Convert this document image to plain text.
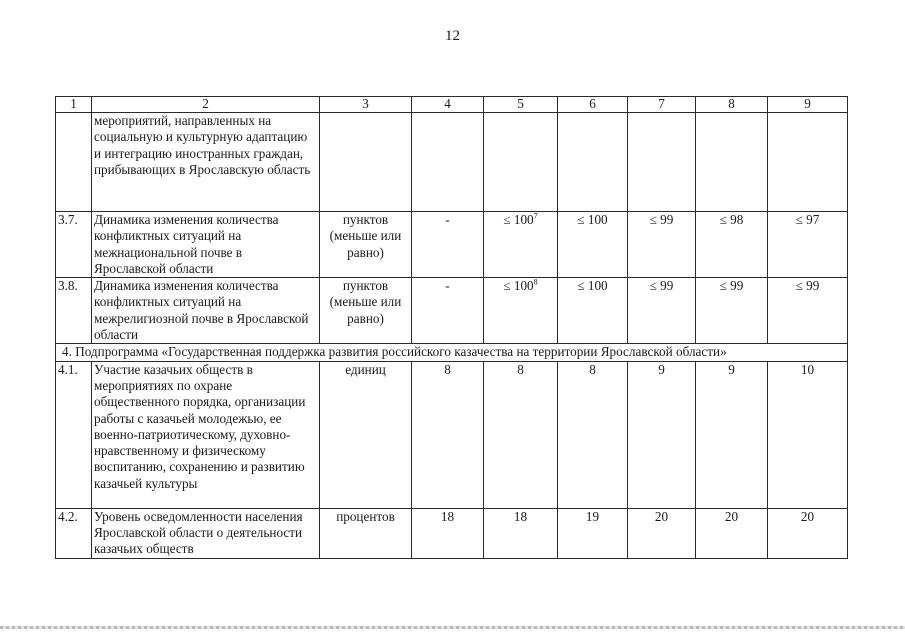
12
1	2	3	4	5	6	7	8	9
	мероприятий, направленных на социальную и культурную адаптацию и интеграцию иностранных граждан, прибывающих в Ярославскую область							
3.7.	Динамика изменения количества конфликтных ситуаций на межнациональной почве в Ярославской области	пунктов (меньше или равно)	-	≤ $100^7$	≤ 100	≤ 99	≤ 98	≤ 97
3.8.	Динамика изменения количества конфликтных ситуаций на межрелигиозной почве в Ярославской области	пунктов (меньше или равно)	-	≤ $100^8$	≤ 100	≤ 99	≤ 99	≤ 99
4. Подпрограмма «Государственная поддержка развития российского казачества на территории Ярославской области»								
4.1.	Участие казачьих обществ в мероприятиях по охране общественного порядка, организации работы с казачьей молодежью, ее военно-патриотическому, духовно-нравственному и физическому воспитанию, сохранению и развитию казачьей культуры	единиц	8	8	8	9	9	10
4.2.	Уровень осведомленности населения Ярославской области о деятельности казачьих обществ	процентов	18	18	19	20	20	20
